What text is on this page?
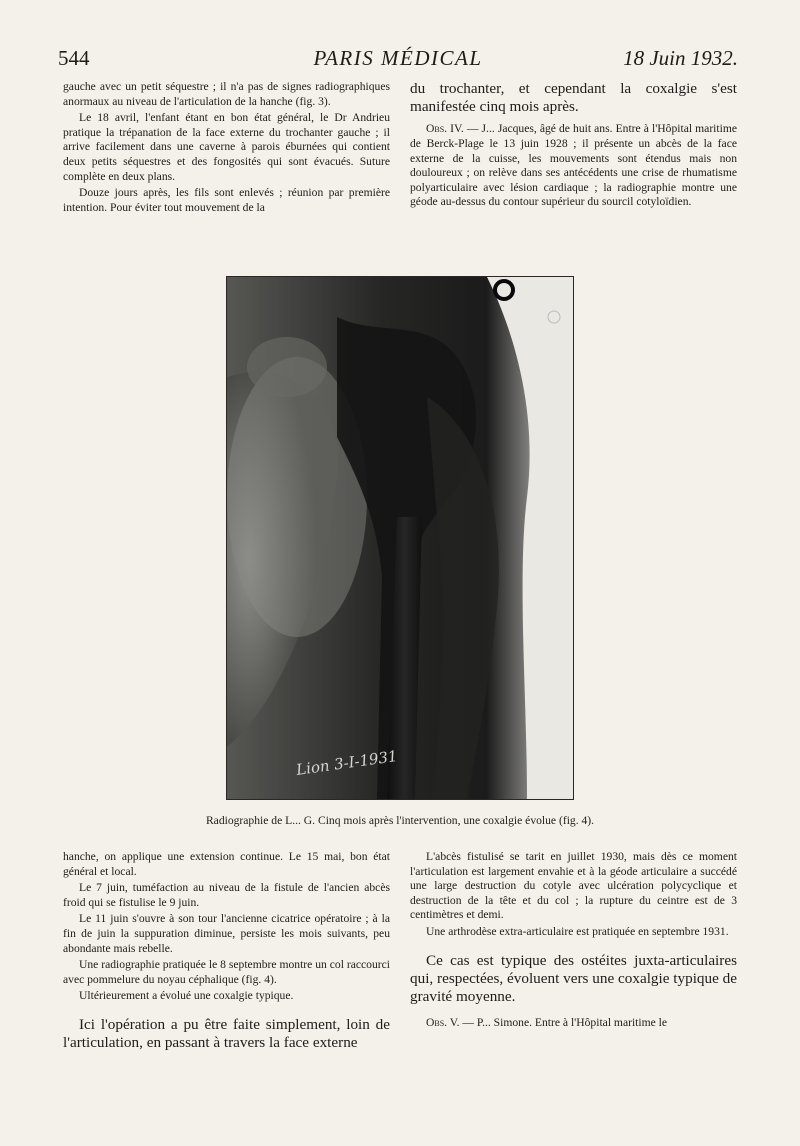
544	PARIS MÉDICAL	18 Juin 1932.

gauche avec un petit séquestre ; il n'a pas de signes radiographiques anormaux au niveau de l'articulation de la hanche (fig. 3).

Le 18 avril, l'enfant étant en bon état général, le Dr Andrieu pratique la trépanation de la face externe du trochanter gauche ; il arrive facilement dans une caverne à parois éburnées qui contient deux petits séquestres et des fongosités qui sont évacués. Suture complète en deux plans.

Douze jours après, les fils sont enlevés ; réunion par première intention. Pour éviter tout mouvement de la

du trochanter, et cependant la coxalgie s'est manifestée cinq mois après.

Obs. IV. — J... Jacques, âgé de huit ans. Entre à l'Hôpital maritime de Berck-Plage le 13 juin 1928 ; il présente un abcès de la face externe de la cuisse, les mouvements sont étendus mais non douloureux ; on relève dans ses antécédents une crise de rhumatisme polyarticulaire avec lésion cardiaque ; la radiographie montre une géode au-dessus du contour supérieur du sourcil cotyloïdien.

Lion 3-I-1931
Radiographie de L... G. Cinq mois après l'intervention, une coxalgie évolue (fig. 4).

hanche, on applique une extension continue. Le 15 mai, bon état général et local.

Le 7 juin, tuméfaction au niveau de la fistule de l'ancien abcès froid qui se fistulise le 9 juin.

Le 11 juin s'ouvre à son tour l'ancienne cicatrice opératoire ; à la fin de juin la suppuration diminue, persiste les mois suivants, peu abondante mais rebelle.

Une radiographie pratiquée le 8 septembre montre un col raccourci avec pommelure du noyau céphalique (fig. 4).

Ultérieurement a évolué une coxalgie typique.

Ici l'opération a pu être faite simplement, loin de l'articulation, en passant à travers la face externe

L'abcès fistulisé se tarit en juillet 1930, mais dès ce moment l'articulation est largement envahie et à la géode articulaire a succédé une large destruction du cotyle avec ulcération polycyclique et destruction de la tête et du col ; la rupture du ceintre est de 3 centimètres et demi.

Une arthrodèse extra-articulaire est pratiquée en septembre 1931.

Ce cas est typique des ostéites juxta-articulaires qui, respectées, évoluent vers une coxalgie typique de gravité moyenne.

Obs. V. — P... Simone. Entre à l'Hôpital maritime le
